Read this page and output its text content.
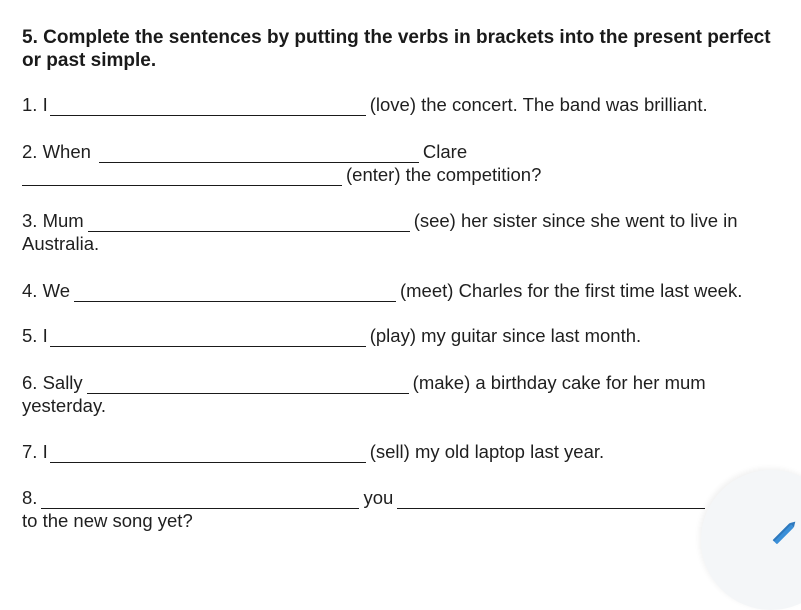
5. Complete the sentences by putting the verbs in brackets into the present perfect or past simple.

1. I	(love) the concert. The band was brilliant.
2. When	Clare
(enter) the competition?
3. Mum	(see) her sister since she went to live in
Australia.
4. We	(meet) Charles for the first time last week.
5. I	(play) my guitar since last month.
6. Sally	(make) a birthday cake for her mum
yesterday.
7. I	(sell) my old laptop last year.
8.	you
to the new song yet?
